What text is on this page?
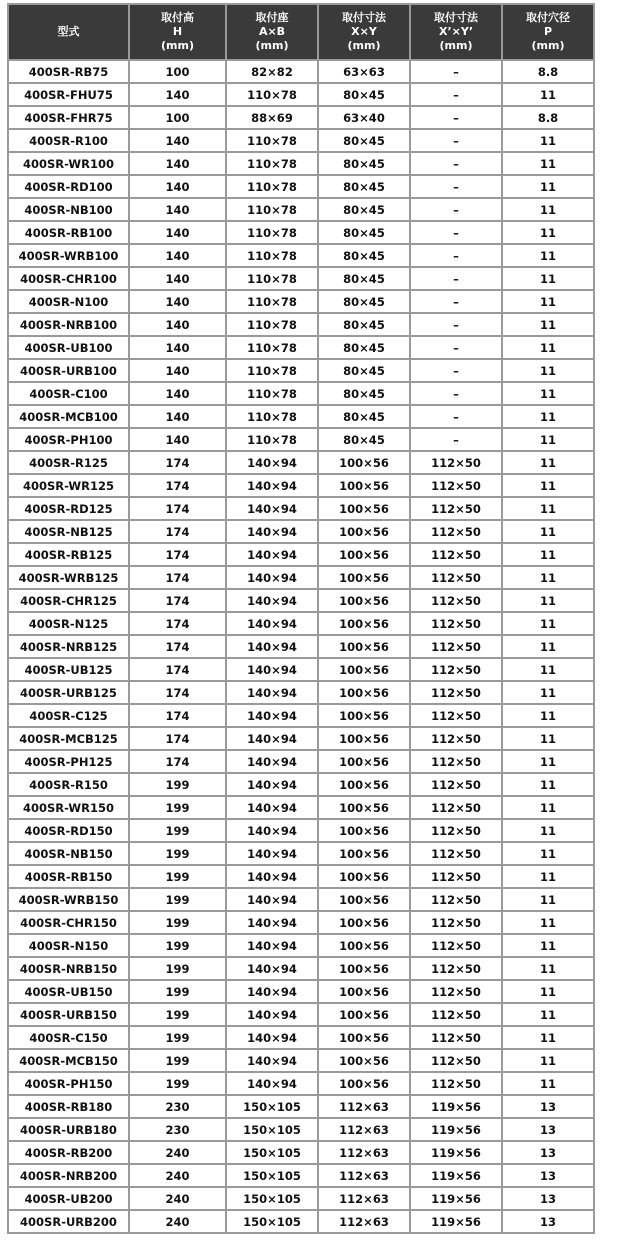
型式	取付高
H
(mm)	取付座
A×B
(mm)	取付寸法
X×Y
(mm)	取付寸法
X’×Y’
(mm)	取付穴径
P
(mm)

400SR-RB75	100	82×82	63×63	–	8.8
400SR-FHU75	140	110×78	80×45	–	11
400SR-FHR75	100	88×69	63×40	–	8.8
400SR-R100	140	110×78	80×45	–	11
400SR-WR100	140	110×78	80×45	–	11
400SR-RD100	140	110×78	80×45	–	11
400SR-NB100	140	110×78	80×45	–	11
400SR-RB100	140	110×78	80×45	–	11
400SR-WRB100	140	110×78	80×45	–	11
400SR-CHR100	140	110×78	80×45	–	11
400SR-N100	140	110×78	80×45	–	11
400SR-NRB100	140	110×78	80×45	–	11
400SR-UB100	140	110×78	80×45	–	11
400SR-URB100	140	110×78	80×45	–	11
400SR-C100	140	110×78	80×45	–	11
400SR-MCB100	140	110×78	80×45	–	11
400SR-PH100	140	110×78	80×45	–	11
400SR-R125	174	140×94	100×56	112×50	11
400SR-WR125	174	140×94	100×56	112×50	11
400SR-RD125	174	140×94	100×56	112×50	11
400SR-NB125	174	140×94	100×56	112×50	11
400SR-RB125	174	140×94	100×56	112×50	11
400SR-WRB125	174	140×94	100×56	112×50	11
400SR-CHR125	174	140×94	100×56	112×50	11
400SR-N125	174	140×94	100×56	112×50	11
400SR-NRB125	174	140×94	100×56	112×50	11
400SR-UB125	174	140×94	100×56	112×50	11
400SR-URB125	174	140×94	100×56	112×50	11
400SR-C125	174	140×94	100×56	112×50	11
400SR-MCB125	174	140×94	100×56	112×50	11
400SR-PH125	174	140×94	100×56	112×50	11
400SR-R150	199	140×94	100×56	112×50	11
400SR-WR150	199	140×94	100×56	112×50	11
400SR-RD150	199	140×94	100×56	112×50	11
400SR-NB150	199	140×94	100×56	112×50	11
400SR-RB150	199	140×94	100×56	112×50	11
400SR-WRB150	199	140×94	100×56	112×50	11
400SR-CHR150	199	140×94	100×56	112×50	11
400SR-N150	199	140×94	100×56	112×50	11
400SR-NRB150	199	140×94	100×56	112×50	11
400SR-UB150	199	140×94	100×56	112×50	11
400SR-URB150	199	140×94	100×56	112×50	11
400SR-C150	199	140×94	100×56	112×50	11
400SR-MCB150	199	140×94	100×56	112×50	11
400SR-PH150	199	140×94	100×56	112×50	11
400SR-RB180	230	150×105	112×63	119×56	13
400SR-URB180	230	150×105	112×63	119×56	13
400SR-RB200	240	150×105	112×63	119×56	13
400SR-NRB200	240	150×105	112×63	119×56	13
400SR-UB200	240	150×105	112×63	119×56	13
400SR-URB200	240	150×105	112×63	119×56	13
